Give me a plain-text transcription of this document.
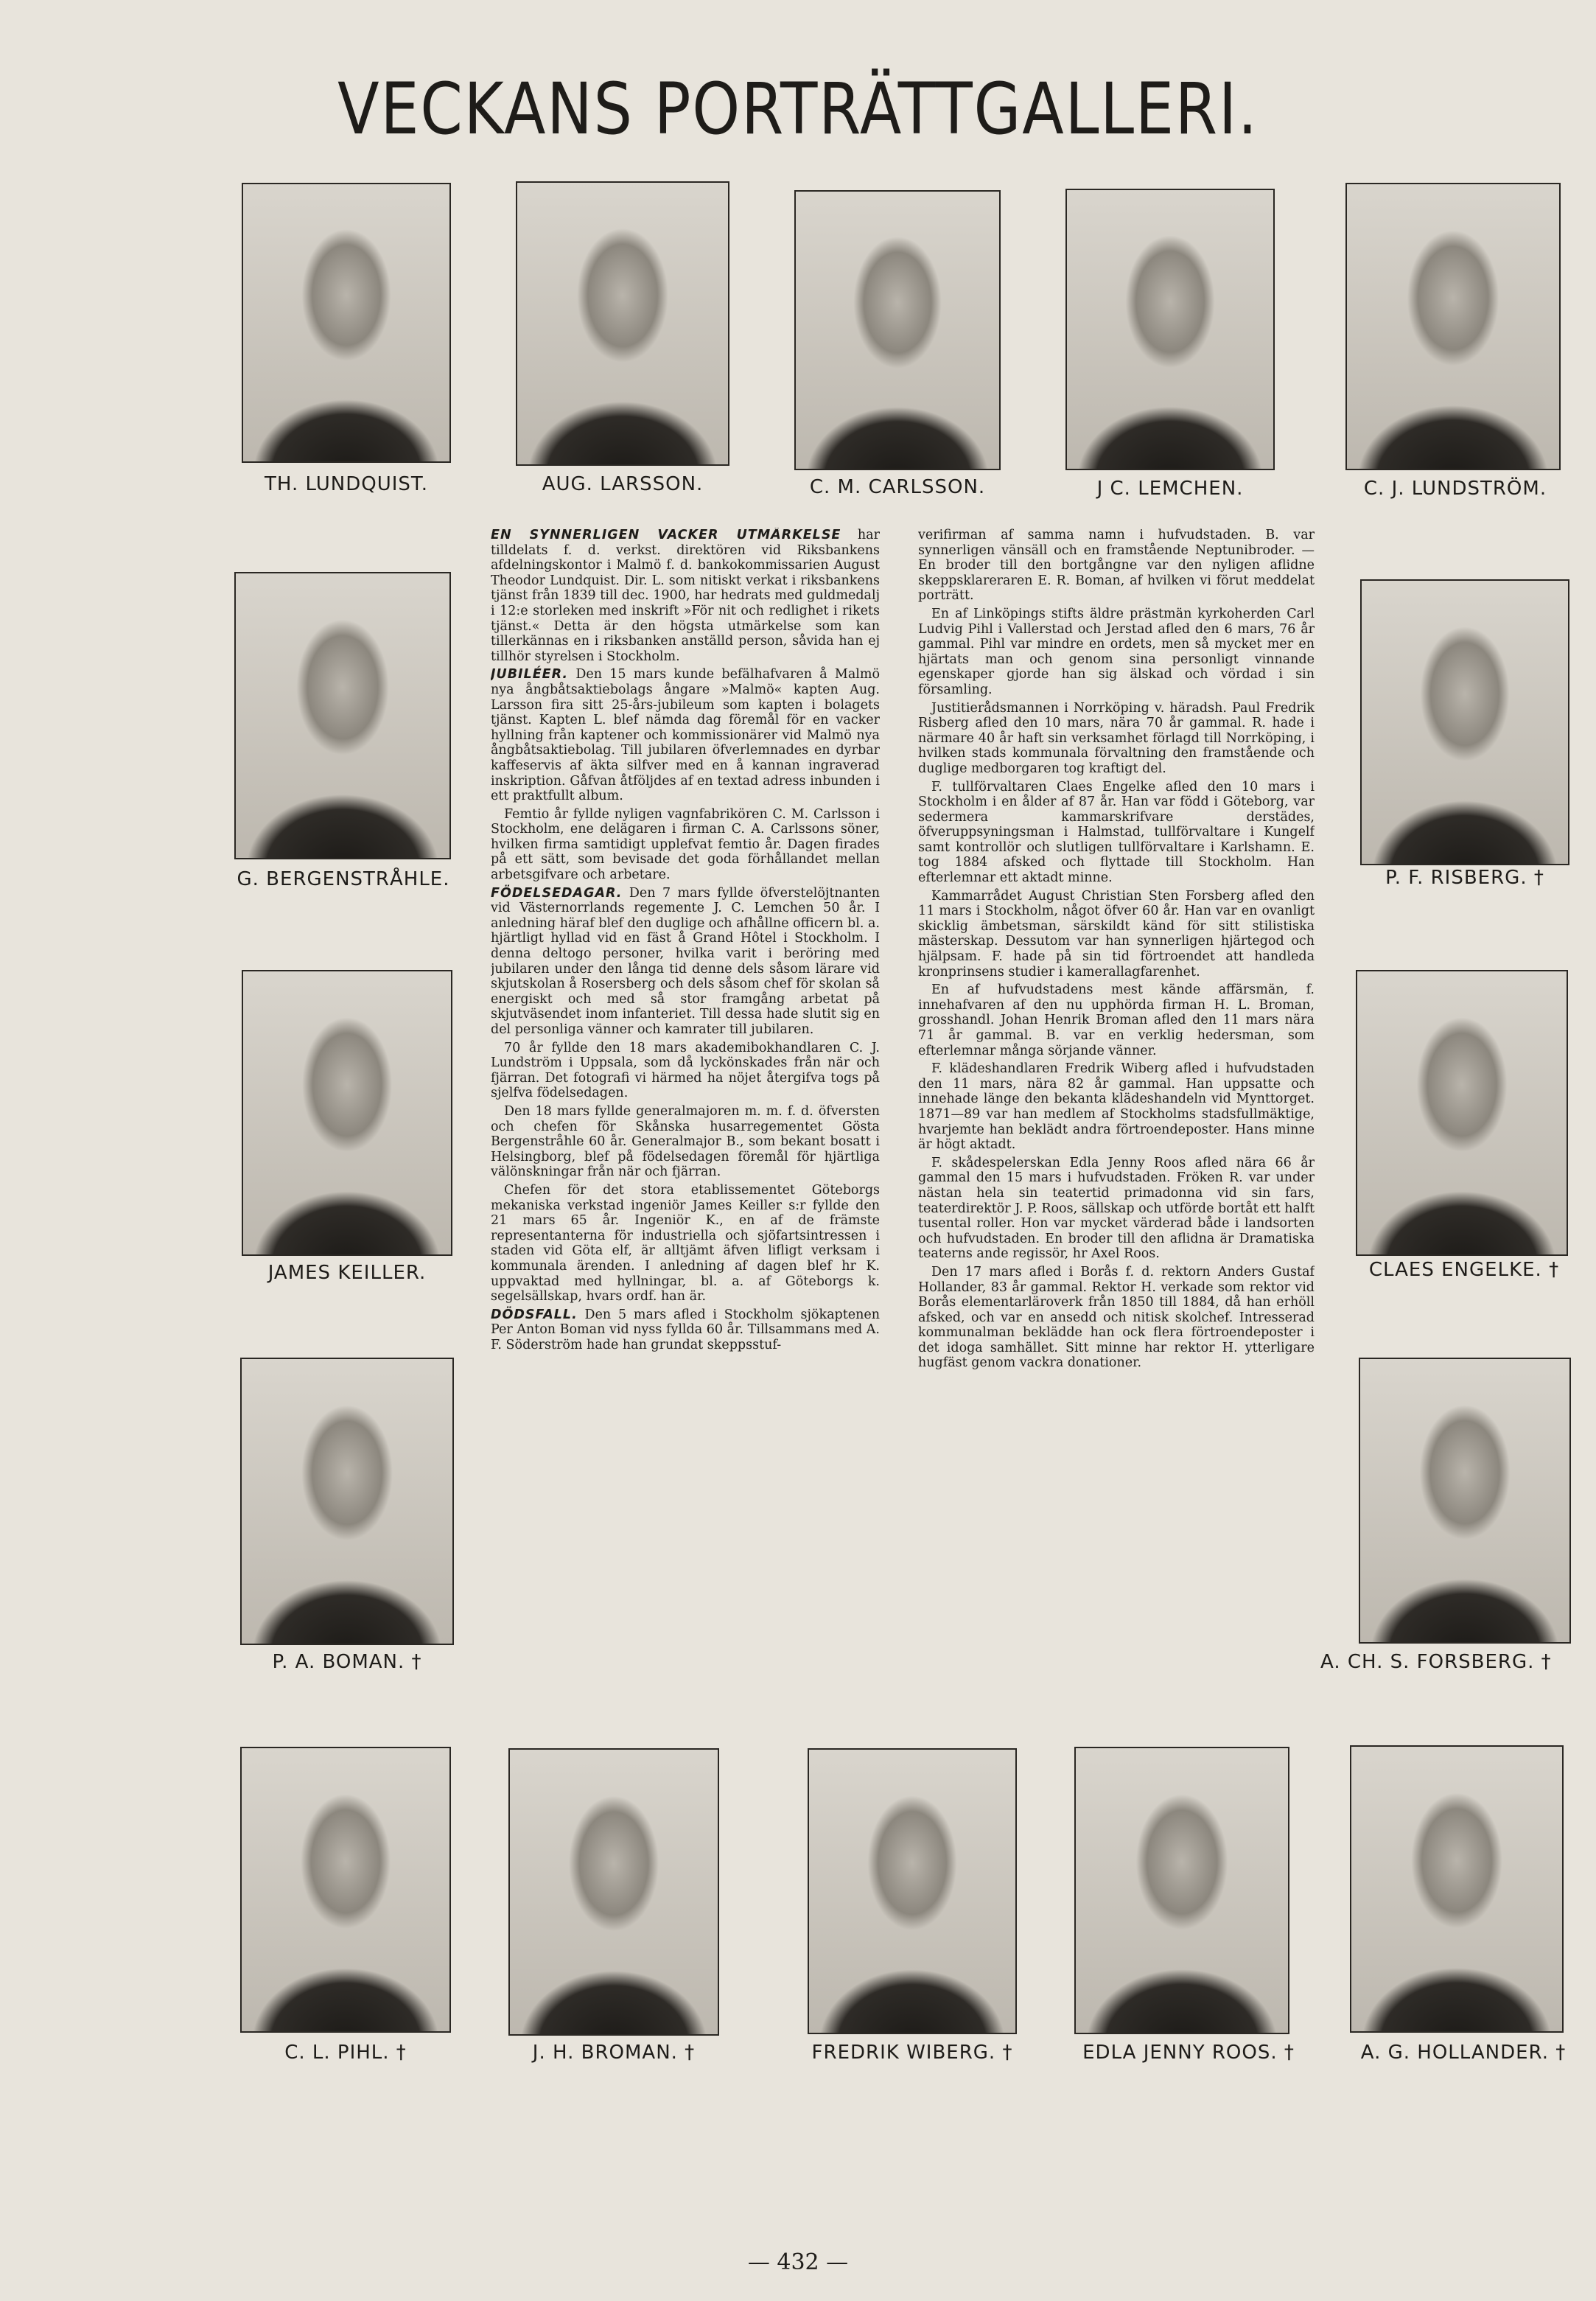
VECKANS PORTRÄTTGALLERI.
TH. LUNDQUIST.	AUG. LARSSON.	C. M. CARLSSON.	J C. LEMCHEN.	C. J. LUNDSTRÖM.
G. BERGENSTRÅHLE.
JAMES KEILLER.
P. A. BOMAN. †
P. F. RISBERG. †
CLAES ENGELKE. †
A. CH. S. FORSBERG. †
C. L. PIHL. †	J. H. BROMAN. †	FREDRIK WIBERG. †	EDLA JENNY ROOS. †	A. G. HOLLANDER. †

EN SYNNERLIGEN VACKER UTMÄRKELSE har tilldelats f. d. verkst. direktören vid Riksbankens afdelningskontor i Malmö f. d. bankokommissarien August Theodor Lundquist. Dir. L. som nitiskt verkat i riksbankens tjänst från 1839 till dec. 1900, har hedrats med guldmedalj i 12:e storleken med inskrift »För nit och redlighet i rikets tjänst.« Detta är den högsta utmärkelse som kan tillerkännas en i riksbanken anställd person, såvida han ej tillhör styrelsen i Stockholm.

JUBILÉER. Den 15 mars kunde befälhafvaren å Malmö nya ångbåtsaktiebolags ångare »Malmö« kapten Aug. Larsson fira sitt 25-års-jubileum som kapten i bolagets tjänst. Kapten L. blef nämda dag föremål för en vacker hyllning från kaptener och kommissionärer vid Malmö nya ångbåtsaktiebolag. Till jubilaren öfverlemnades en dyrbar kaffeservis af äkta silfver med en å kannan ingraverad inskription. Gåfvan åtföljdes af en textad adress inbunden i ett praktfullt album.

Femtio år fyllde nyligen vagnfabrikören C. M. Carlsson i Stockholm, ene delägaren i firman C. A. Carlssons söner, hvilken firma samtidigt upplefvat femtio år. Dagen firades på ett sätt, som bevisade det goda förhållandet mellan arbetsgifvare och arbetare.

FÖDELSEDAGAR. Den 7 mars fyllde öfverstelöjtnanten vid Västernorrlands regemente J. C. Lemchen 50 år. I anledning häraf blef den duglige och afhållne officern bl. a. hjärtligt hyllad vid en fäst å Grand Hôtel i Stockholm. I denna deltogo personer, hvilka varit i beröring med jubilaren under den långa tid denne dels såsom lärare vid skjutskolan å Rosersberg och dels såsom chef för skolan så energiskt och med så stor framgång arbetat på skjutväsendet inom infanteriet. Till dessa hade slutit sig en del personliga vänner och kamrater till jubilaren.

70 år fyllde den 18 mars akademibokhandlaren C. J. Lundström i Uppsala, som då lyckönskades från när och fjärran. Det fotografi vi härmed ha nöjet återgifva togs på sjelfva födelsedagen.

Den 18 mars fyllde generalmajoren m. m. f. d. öfversten och chefen för Skånska husarregementet Gösta Bergenstråhle 60 år. Generalmajor B., som bekant bosatt i Helsingborg, blef på födelsedagen föremål för hjärtliga välönskningar från när och fjärran.

Chefen för det stora etablissementet Göteborgs mekaniska verkstad ingeniör James Keiller s:r fyllde den 21 mars 65 år. Ingeniör K., en af de främste representanterna för industriella och sjöfartsintressen i staden vid Göta elf, är alltjämt äfven lifligt verksam i kommunala ärenden. I anledning af dagen blef hr K. uppvaktad med hyllningar, bl. a. af Göteborgs k. segelsällskap, hvars ordf. han är.

DÖDSFALL. Den 5 mars afled i Stockholm sjökaptenen Per Anton Boman vid nyss fyllda 60 år. Tillsammans med A. F. Söderström hade han grundat skeppsstuf-

verifirman af samma namn i hufvudstaden. B. var synnerligen vänsäll och en framstående Neptunibroder. — En broder till den bortgångne var den nyligen aflidne skeppsklareraren E. R. Boman, af hvilken vi förut meddelat porträtt.

En af Linköpings stifts äldre prästmän kyrkoherden Carl Ludvig Pihl i Vallerstad och Jerstad afled den 6 mars, 76 år gammal. Pihl var mindre en ordets, men så mycket mer en hjärtats man och genom sina personligt vinnande egenskaper gjorde han sig älskad och vördad i sin församling.

Justitierådsmannen i Norrköping v. häradsh. Paul Fredrik Risberg afled den 10 mars, nära 70 år gammal. R. hade i närmare 40 år haft sin verksamhet förlagd till Norrköping, i hvilken stads kommunala förvaltning den framstående och duglige medborgaren tog kraftigt del.

F. tullförvaltaren Claes Engelke afled den 10 mars i Stockholm i en ålder af 87 år. Han var född i Göteborg, var sedermera kammarskrifvare derstädes, öfveruppsyningsman i Halmstad, tullförvaltare i Kungelf samt kontrollör och slutligen tullförvaltare i Karlshamn. E. tog 1884 afsked och flyttade till Stockholm. Han efterlemnar ett aktadt minne.

Kammarrådet August Christian Sten Forsberg afled den 11 mars i Stockholm, något öfver 60 år. Han var en ovanligt skicklig ämbetsman, särskildt känd för sitt stilistiska mästerskap. Dessutom var han synnerligen hjärtegod och hjälpsam. F. hade på sin tid förtroendet att handleda kronprinsens studier i kamerallagfarenhet.

En af hufvudstadens mest kände affärsmän, f. innehafvaren af den nu upphörda firman H. L. Broman, grosshandl. Johan Henrik Broman afled den 11 mars nära 71 år gammal. B. var en verklig hedersman, som efterlemnar många sörjande vänner.

F. klädeshandlaren Fredrik Wiberg afled i hufvudstaden den 11 mars, nära 82 år gammal. Han uppsatte och innehade länge den bekanta klädeshandeln vid Mynttorget. 1871—89 var han medlem af Stockholms stadsfullmäktige, hvarjemte han beklädt andra förtroendeposter. Hans minne är högt aktadt.

F. skådespelerskan Edla Jenny Roos afled nära 66 år gammal den 15 mars i hufvudstaden. Fröken R. var under nästan hela sin teatertid primadonna vid sin fars, teaterdirektör J. P. Roos, sällskap och utförde bortåt ett halft tusental roller. Hon var mycket värderad både i landsorten och hufvudstaden. En broder till den aflidna är Dramatiska teaterns ande regissör, hr Axel Roos.

Den 17 mars afled i Borås f. d. rektorn Anders Gustaf Hollander, 83 år gammal. Rektor H. verkade som rektor vid Borås elementarläroverk från 1850 till 1884, då han erhöll afsked, och var en ansedd och nitisk skolchef. Intresserad kommunalman beklädde han ock flera förtroendeposter i det idoga samhället. Sitt minne har rektor H. ytterligare hugfäst genom vackra donationer.

— 432 —
